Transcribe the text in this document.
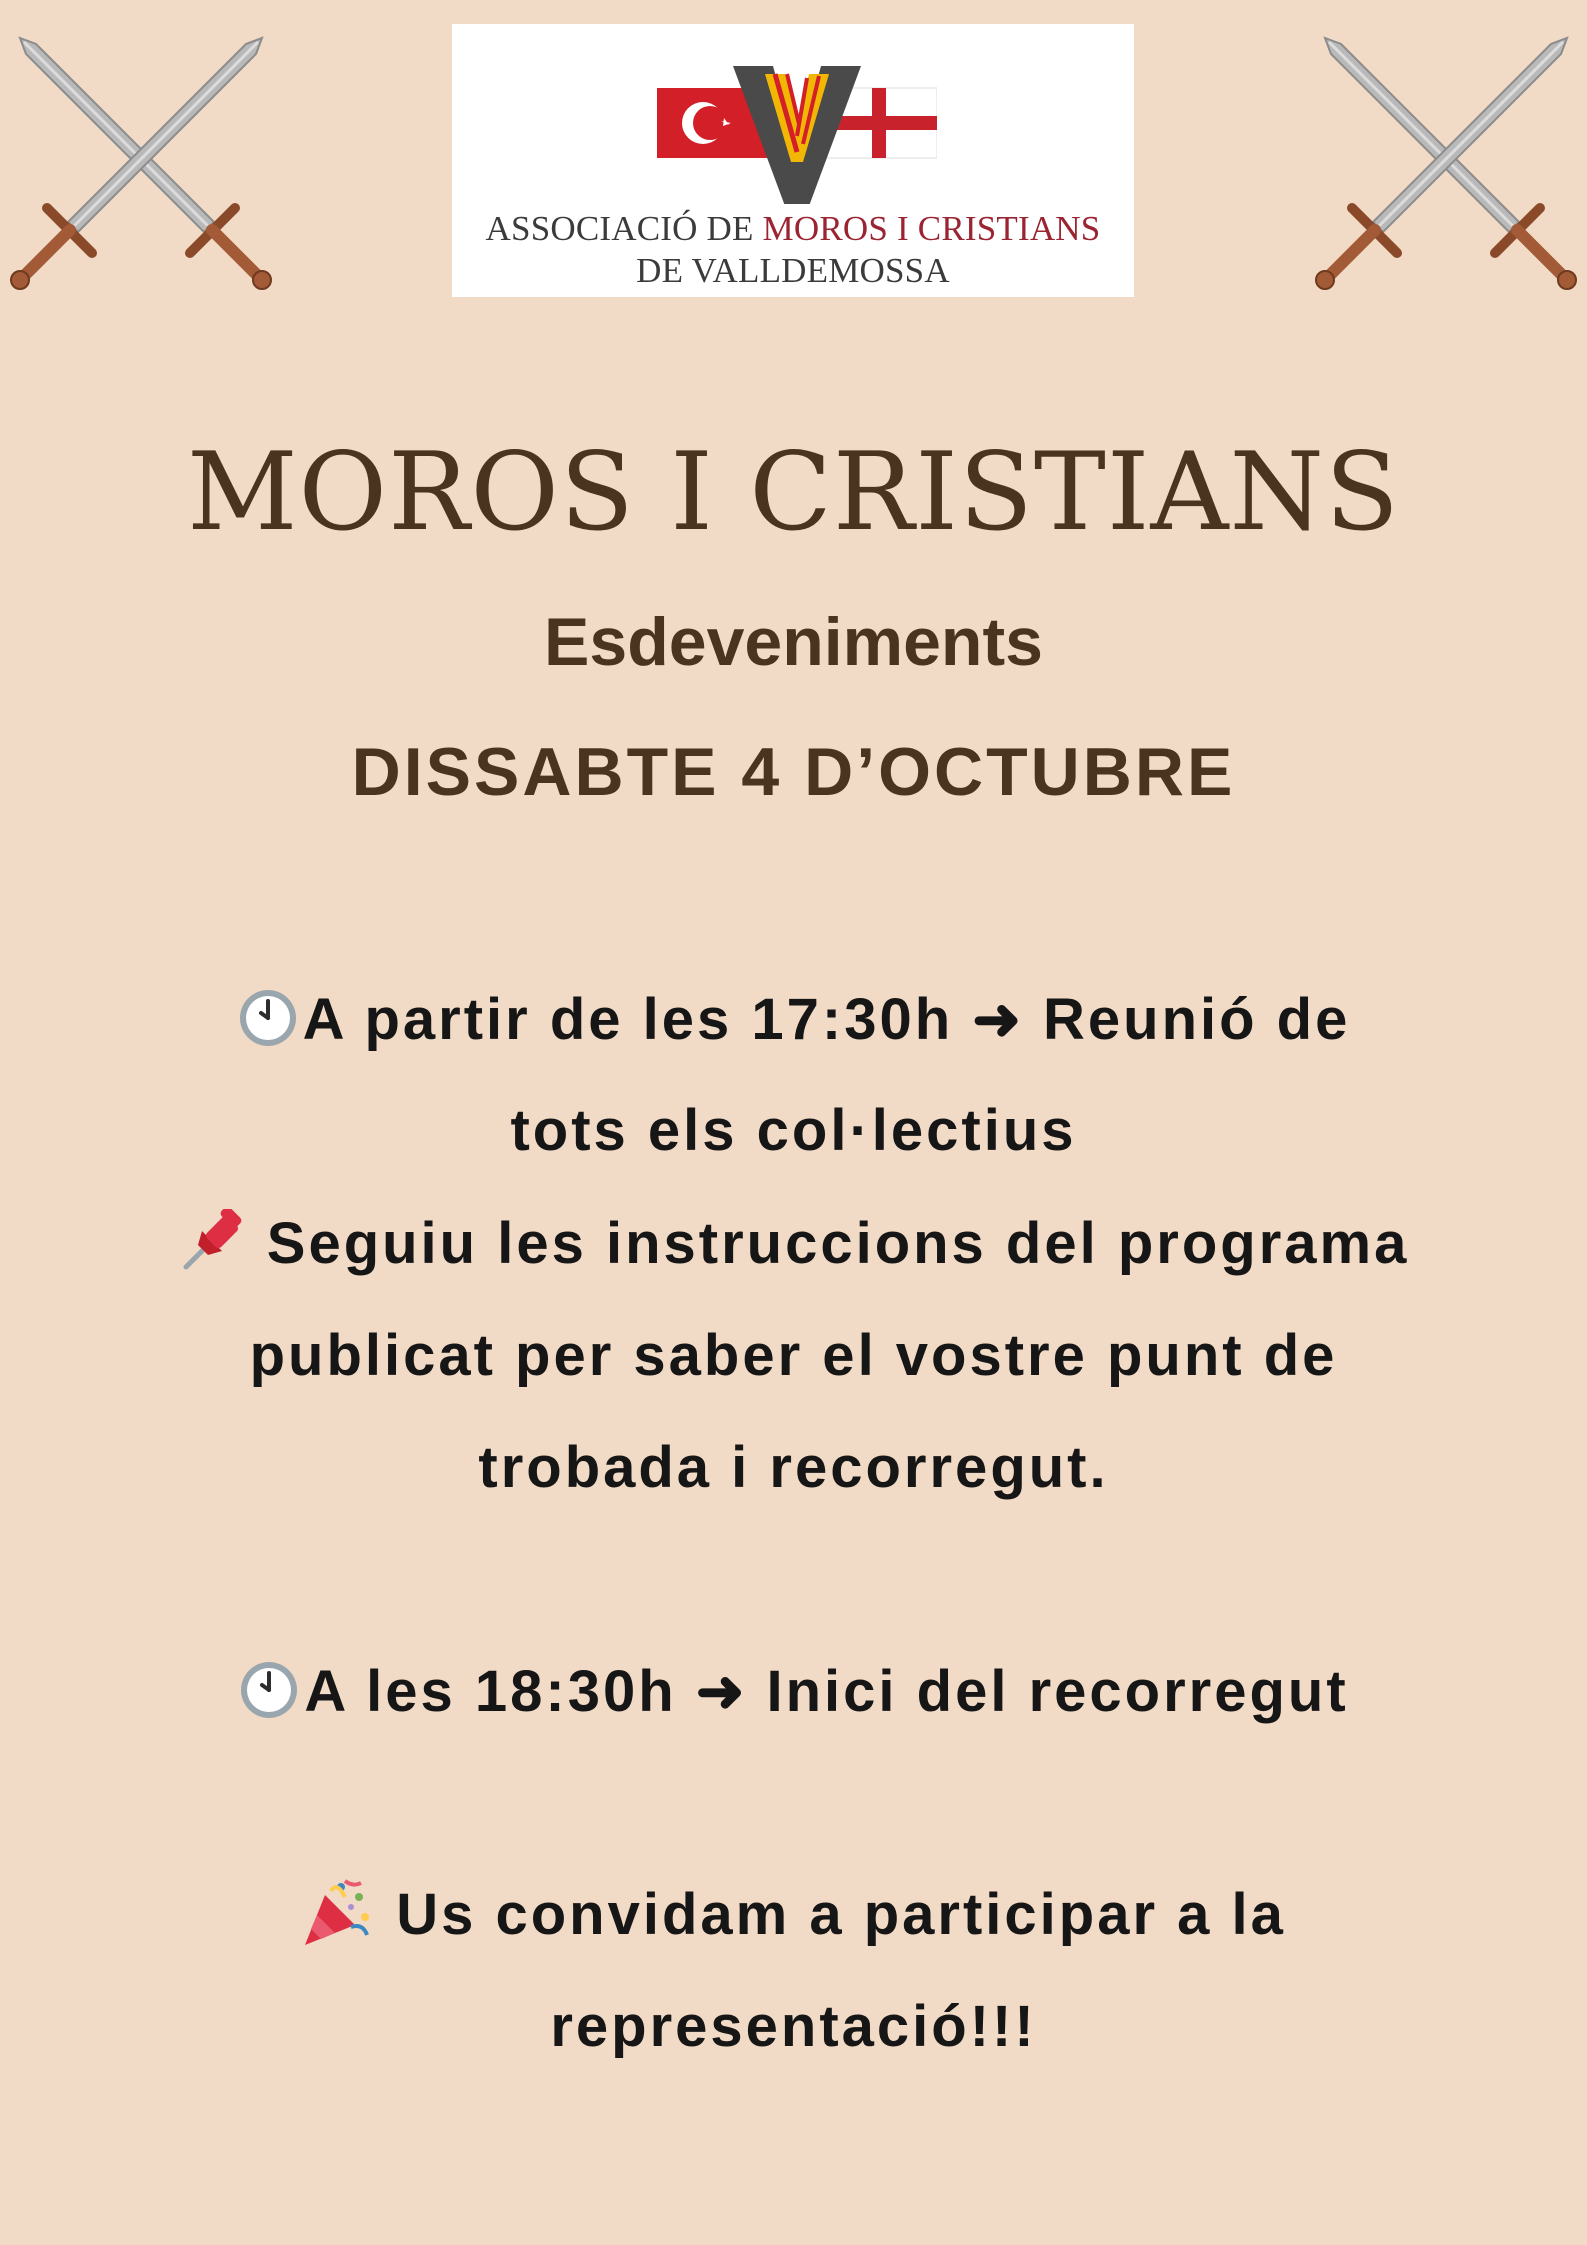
ASSOCIACIÓ DE MOROS I CRISTIANS
DE VALLDEMOSSA
MOROS I CRISTIANS
Esdeveniments
DISSABTE 4 D’OCTUBRE
A partir de les 17:30h ➜ Reunió de
tots els col·lectius
Seguiu les instruccions del programa
publicat per saber el vostre punt de
trobada i recorregut.
A les 18:30h ➜ Inici del recorregut
Us convidam a participar a la
representació!!!
